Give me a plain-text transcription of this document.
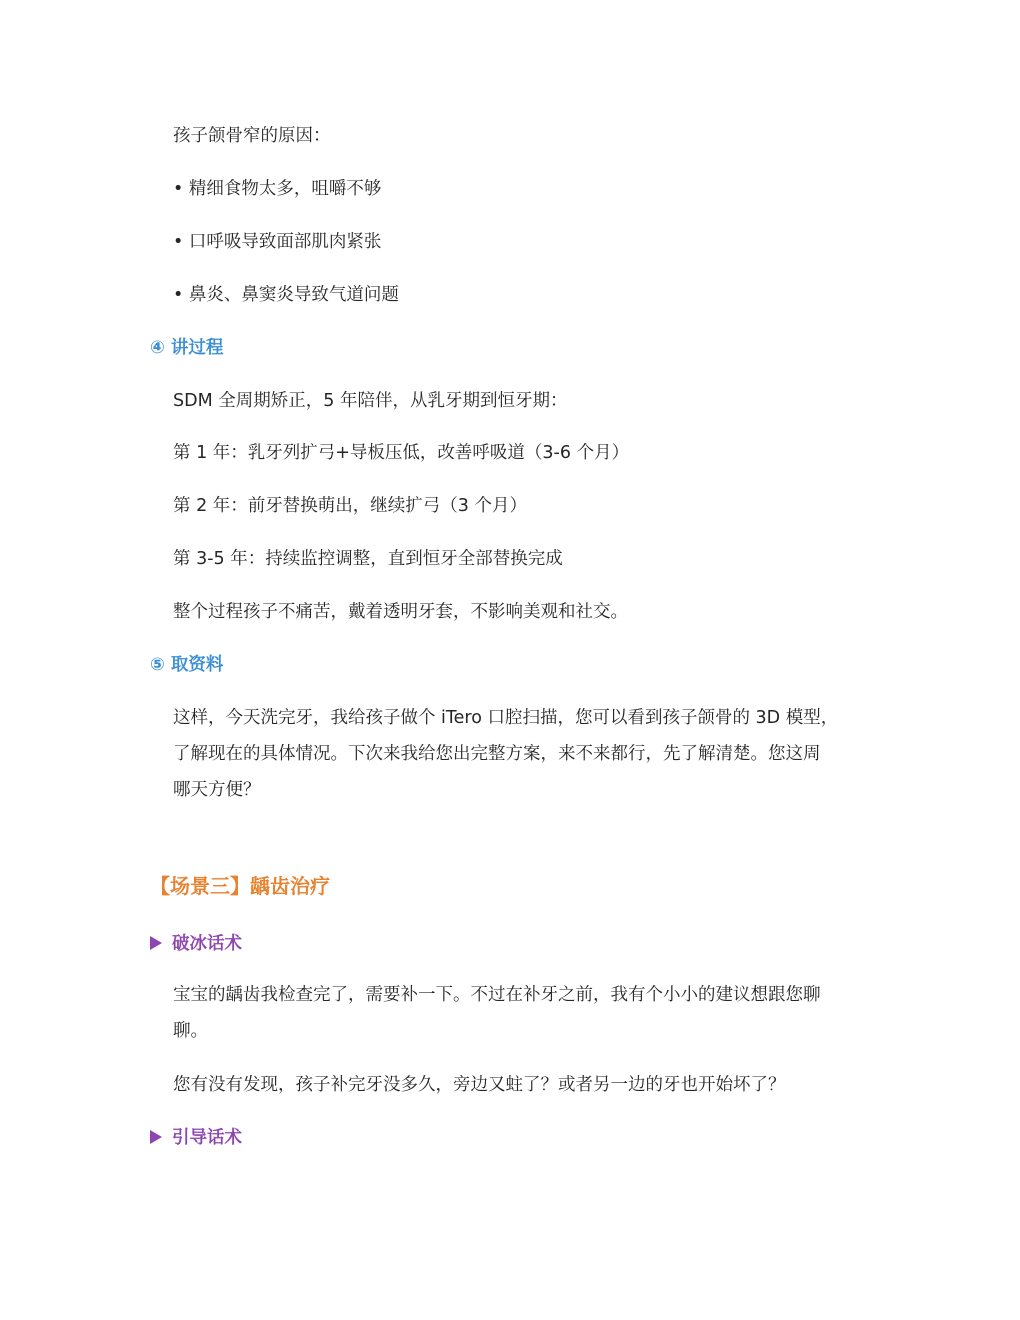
孩子颌骨窄的原因：

• 精细食物太多，咀嚼不够

• 口呼吸导致面部肌肉紧张

• 鼻炎、鼻窦炎导致气道问题

④ 讲过程

SDM 全周期矫正，5 年陪伴，从乳牙期到恒牙期：

第 1 年：乳牙列扩弓+导板压低，改善呼吸道（3-6 个月）

第 2 年：前牙替换萌出，继续扩弓（3 个月）

第 3-5 年：持续监控调整，直到恒牙全部替换完成

整个过程孩子不痛苦，戴着透明牙套，不影响美观和社交。

⑤ 取资料

这样，今天洗完牙，我给孩子做个 iTero 口腔扫描，您可以看到孩子颌骨的 3D 模型，
了解现在的具体情况。下次来我给您出完整方案，来不来都行，先了解清楚。您这周
哪天方便？

【场景三】龋齿治疗

破冰话术

宝宝的龋齿我检查完了，需要补一下。不过在补牙之前，我有个小小的建议想跟您聊
聊。

您有没有发现，孩子补完牙没多久，旁边又蛀了？或者另一边的牙也开始坏了？

引导话术
